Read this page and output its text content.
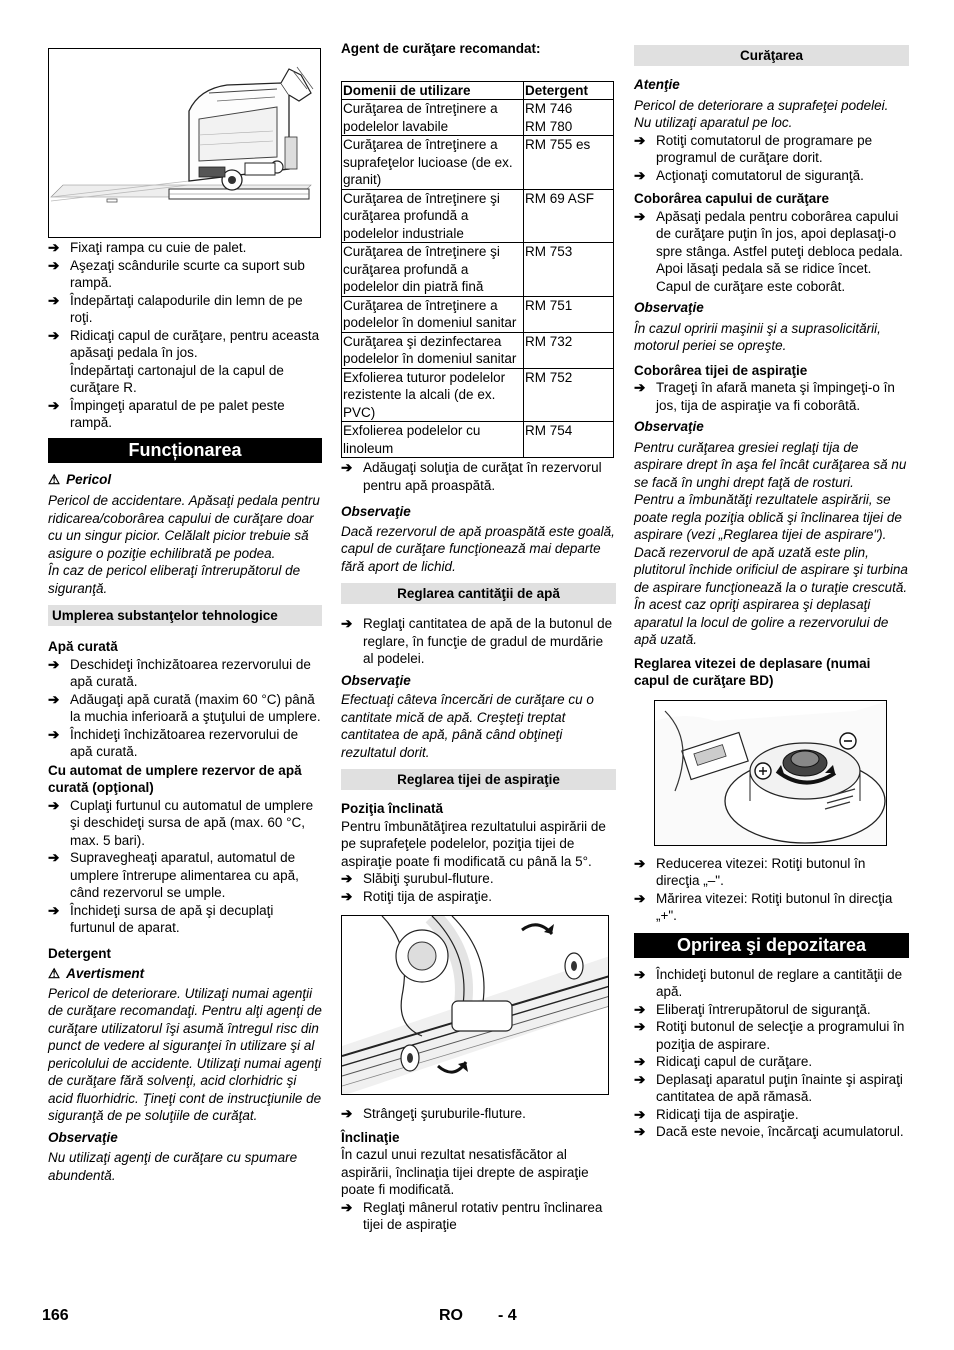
➔ Fixaţi rampa cu cuie de palet.
➔ Aşezaţi scândurile scurte ca suport sub rampă.
➔ Îndepărtaţi calapodurile din lemn de pe roţi.
➔ Ridicaţi capul de curăţare, pentru aceasta apăsaţi pedala în jos.
Îndepărtaţi cartonajul de la capul de curăţare R.
➔ Împingeţi aparatul de pe palet peste rampă.
Funcționarea
⚠ Pericol

Pericol de accidentare. Apăsaţi pedala pentru ridicarea/coborârea capului de curăţare doar cu un singur picior. Celălalt picior trebuie să asigure o poziţie echilibrată pe podea.

În caz de pericol eliberaţi întrerupătorul de siguranţă.

Umplerea substanţelor tehnologice
Apă curată
➔ Deschideţi închizătoarea rezervorului de apă curată.
➔ Adăugaţi apă curată (maxim 60 °C) până la muchia inferioară a ştuţului de umplere.
➔ Închideţi închizătoarea rezervorului de apă curată.
Cu automat de umplere rezervor de apă curată (opţional)
➔ Cuplaţi furtunul cu automatul de umplere şi deschideţi sursa de apă (max. 60 °C, max. 5 bari).
➔ Supravegheaţi aparatul, automatul de umplere întrerupe alimentarea cu apă, când rezervorul se umple.
➔ Închideţi sursa de apă şi decuplaţi furtunul de aparat.
Detergent
⚠ Avertisment

Pericol de deteriorare. Utilizaţi numai agenţii de curăţare recomandaţi. Pentru alţi agenţi de curăţare utilizatorul îşi asumă întregul risc din punct de vedere al siguranţei în utilizare şi al pericolului de accidente. Utilizaţi numai agenţi de curăţare fără solvenţi, acid clorhidric şi acid fluorhidric. Ţineţi cont de instrucţiunile de siguranţă de pe soluţiile de curăţat.

Observaţie

Nu utilizaţi agenţi de curăţare cu spumare abundentă.

Agent de curăţare recomandat:
Domenii de utilizare	Detergent
Curăţarea de întreţinere a podelelor lavabile	RM 746
RM 780
Curăţarea de întreţinere a suprafeţelor lucioase (de ex. granit)	RM 755 es
Curăţarea de întreţinere şi curăţarea profundă a podelelor industriale	RM 69 ASF
Curăţarea de întreţinere şi curăţarea profundă a podelelor din piatră fină	RM 753
Curăţarea de întreţinere a podelelor în domeniul sanitar	RM 751
Curăţarea şi dezinfectarea podelelor în domeniul sanitar	RM 732
Exfolierea tuturor podelelor rezistente la alcali (de ex. PVC)	RM 752
Exfolierea podelelor cu linoleum	RM 754
➔ Adăugaţi soluţia de curăţat în rezervorul pentru apă proaspătă.
Observaţie

Dacă rezervorul de apă proaspătă este goală, capul de curăţare funcţionează mai departe fără aport de lichid.

Reglarea cantităţii de apă
➔ Reglaţi cantitatea de apă de la butonul de reglare, în funcţie de gradul de murdărie al podelei.
Observaţie

Efectuaţi câteva încercări de curăţare cu o cantitate mică de apă. Creşteţi treptat cantitatea de apă, până când obţineţi rezultatul dorit.

Reglarea tijei de aspiraţie
Poziţia înclinată

Pentru îmbunătăţirea rezultatului aspirării de pe suprafeţele podelelor, poziţia tijei de aspiraţie poate fi modificată cu până la 5°.

➔ Slăbiţi şurubul-fluture.
➔ Rotiţi tija de aspiraţie.
➔ Strângeţi şuruburile-fluture.
Înclinaţie

În cazul unui rezultat nesatisfăcător al aspirării, înclinaţia tijei drepte de aspiraţie poate fi modificată.

➔ Reglaţi mânerul rotativ pentru înclinarea tijei de aspiraţie
Curăţarea
Atenţie

Pericol de deteriorare a suprafeţei podelei. Nu utilizaţi aparatul pe loc.

➔ Rotiţi comutatorul de programare pe programul de curăţare dorit.
➔ Acţionaţi comutatorul de siguranţă.
Coborârea capului de curăţare
➔ Apăsaţi pedala pentru coborârea capului de curăţare puţin în jos, apoi deplasaţi-o spre stânga. Astfel puteţi debloca pedala. Apoi lăsaţi pedala să se ridice încet.
Capul de curăţare este coborât.
Observaţie

În cazul opririi maşinii şi a suprasolicitării, motorul periei se opreşte.

Coborârea tijei de aspiraţie
➔ Trageţi în afară maneta şi împingeţi-o în jos, tija de aspiraţie va fi coborâtă.
Observaţie

Pentru curăţarea gresiei reglaţi tija de aspirare drept în aşa fel încât curăţarea să nu se facă în unghi drept faţă de rosturi.

Pentru a îmbunătăţi rezultatele aspirării, se poate regla poziţia oblică şi înclinarea tijei de aspirare (vezi „Reglarea tijei de aspirare").

Dacă rezervorul de apă uzată este plin, plutitorul închide orificiul de aspirare şi turbina de aspirare funcţionează la o turaţie crescută. În acest caz opriţi aspirarea şi deplasaţi aparatul la locul de golire a rezervorului de apă uzată.

Reglarea vitezei de deplasare (numai capul de curăţare BD)
➔ Reducerea vitezei: Rotiţi butonul în direcţia „–".
➔ Mărirea vitezei: Rotiţi butonul în direcţia „+".
Oprirea şi depozitarea
➔ Închideţi butonul de reglare a cantităţii de apă.
➔ Eliberaţi întrerupătorul de siguranţă.
➔ Rotiţi butonul de selecţie a programului în poziţia de aspirare.
➔ Ridicaţi capul de curăţare.
➔ Deplasaţi aparatul puţin înainte şi aspiraţi cantitatea de apă rămasă.
➔ Ridicaţi tija de aspiraţie.
➔ Dacă este nevoie, încărcaţi acumulatorul.
166	RO - 4
